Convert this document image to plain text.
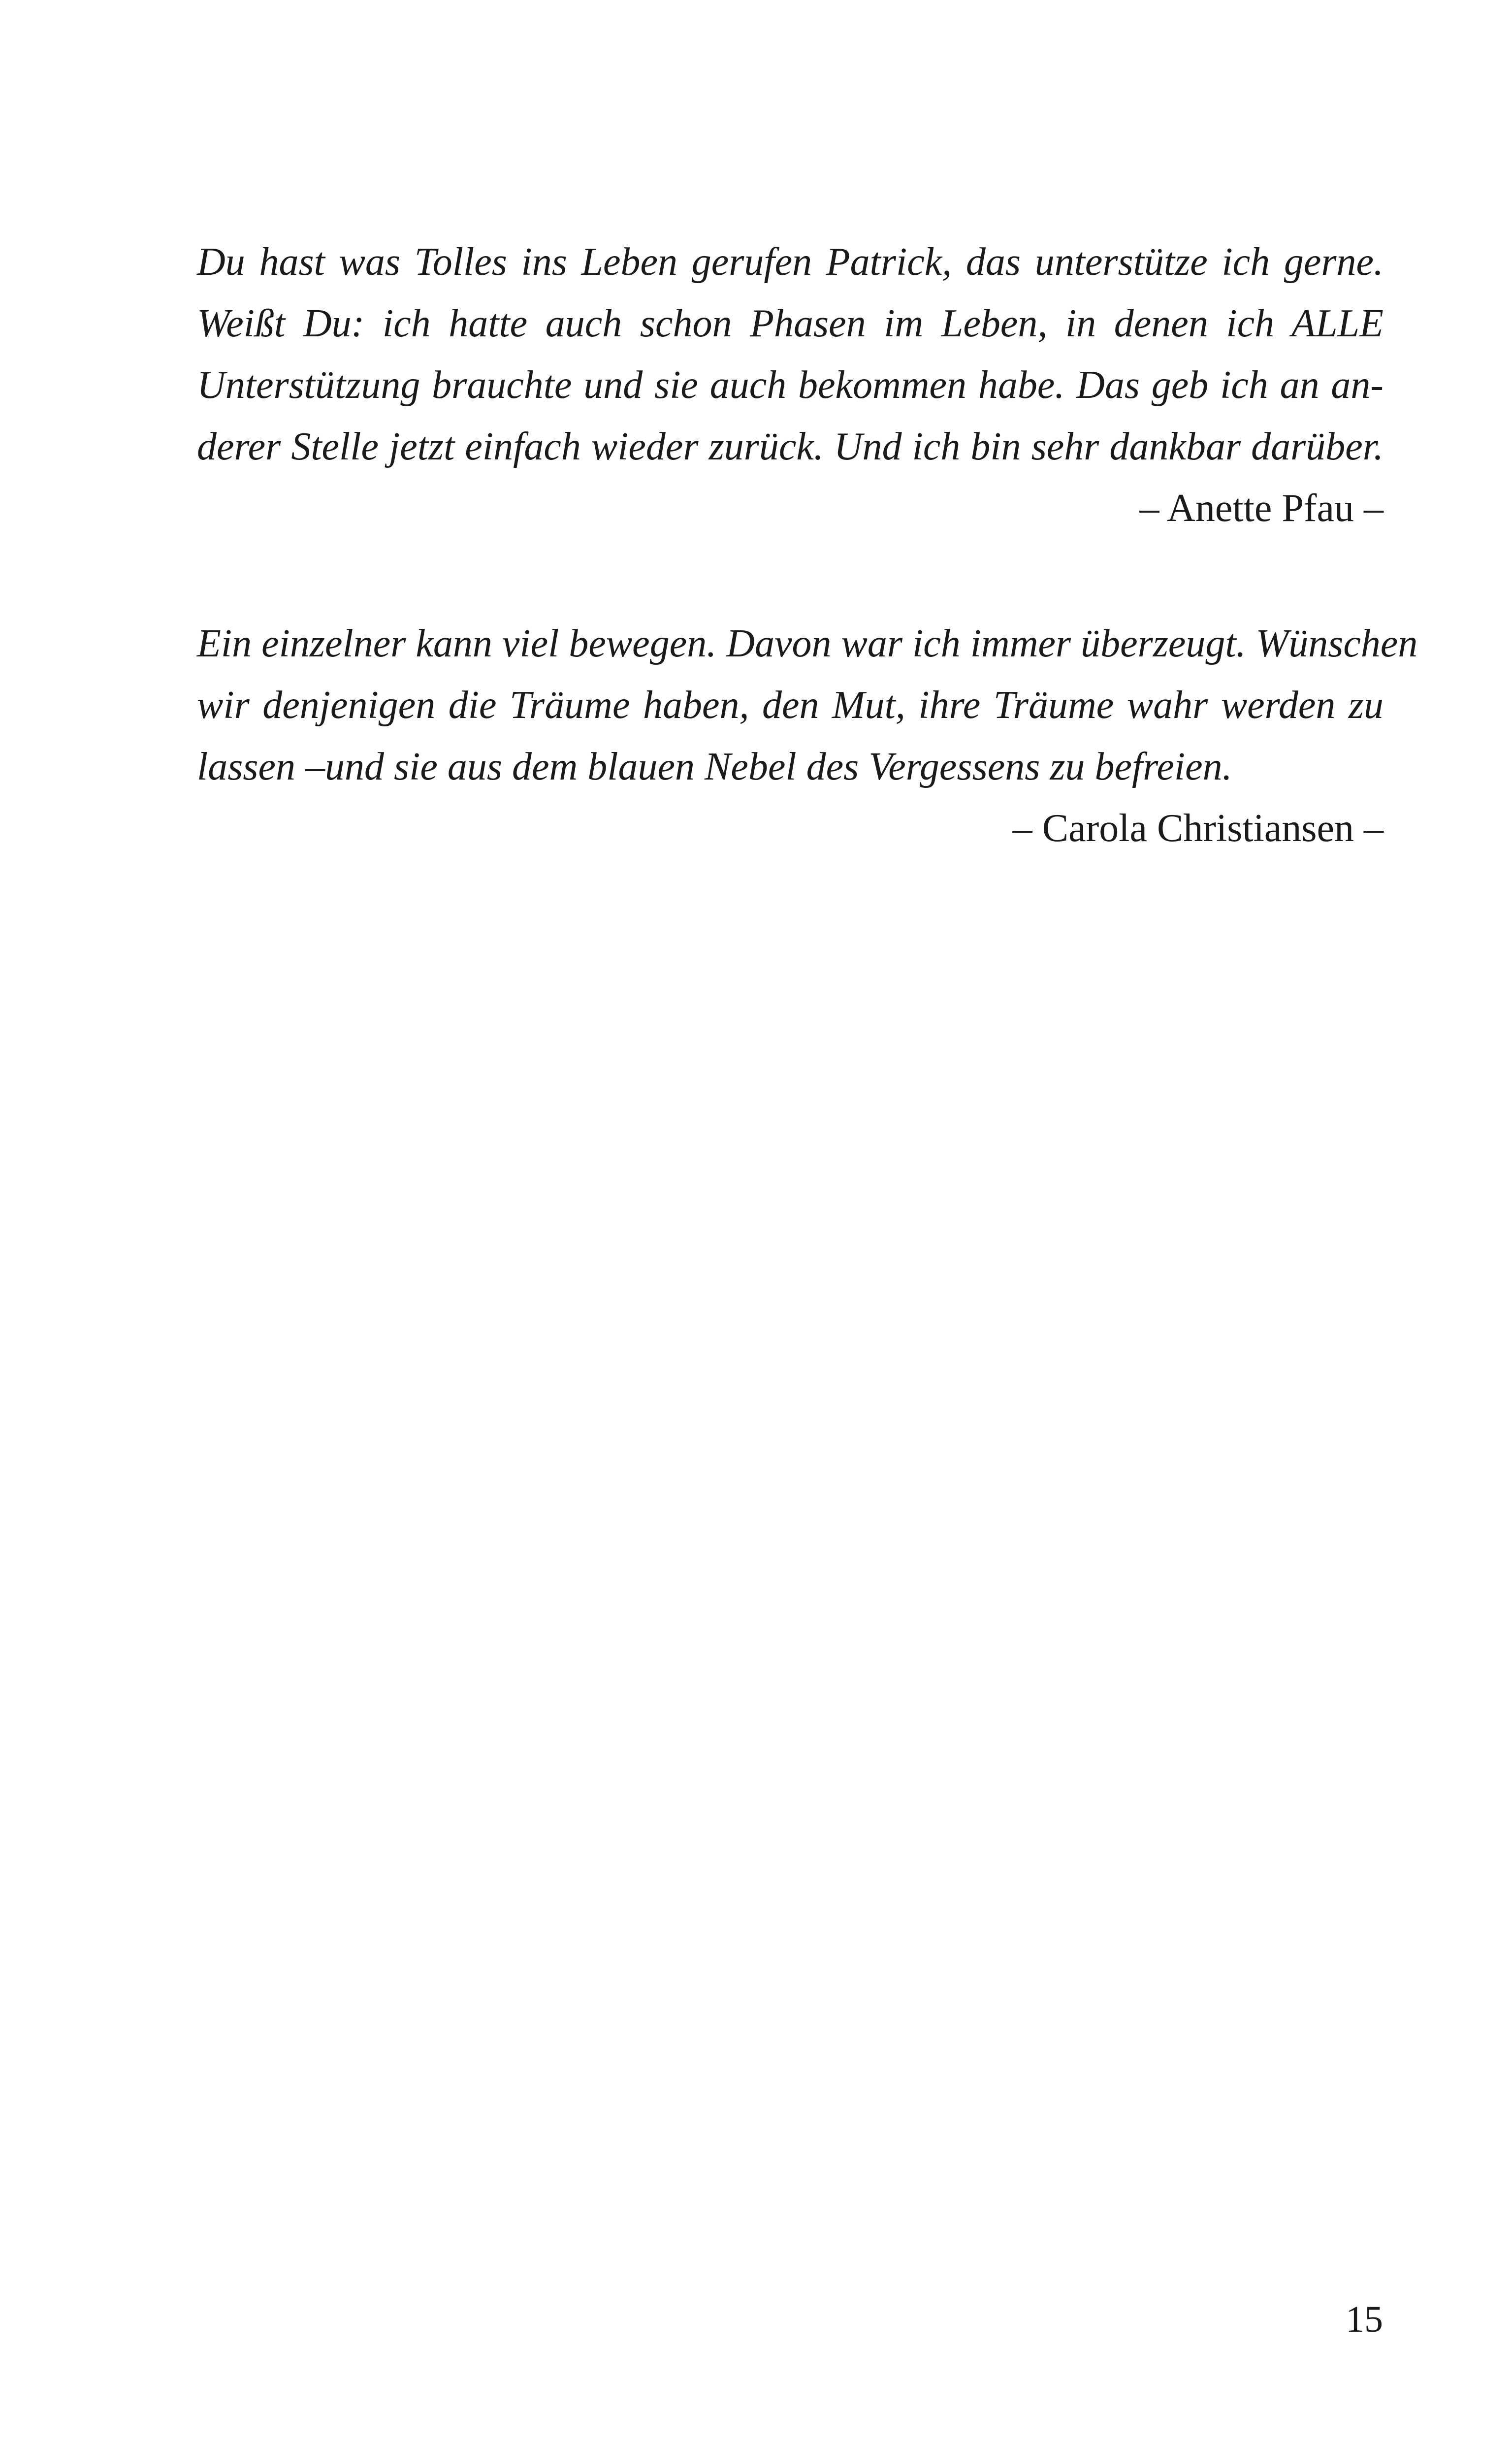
Du hast was Tolles ins Leben gerufen Patrick, das unterstütze ich gerne.
Weißt Du: ich hatte auch schon Phasen im Leben, in denen ich ALLE
Unterstützung brauchte und sie auch bekommen habe. Das geb ich an an-
derer Stelle jetzt einfach wieder zurück. Und ich bin sehr dankbar darüber.
– Anette Pfau –
Ein einzelner kann viel bewegen. Davon war ich immer überzeugt. Wünschen
wir denjenigen die Träume haben, den Mut, ihre Träume wahr werden zu
lassen –und sie aus dem blauen Nebel des Vergessens zu befreien.
– Carola Christiansen –
15
